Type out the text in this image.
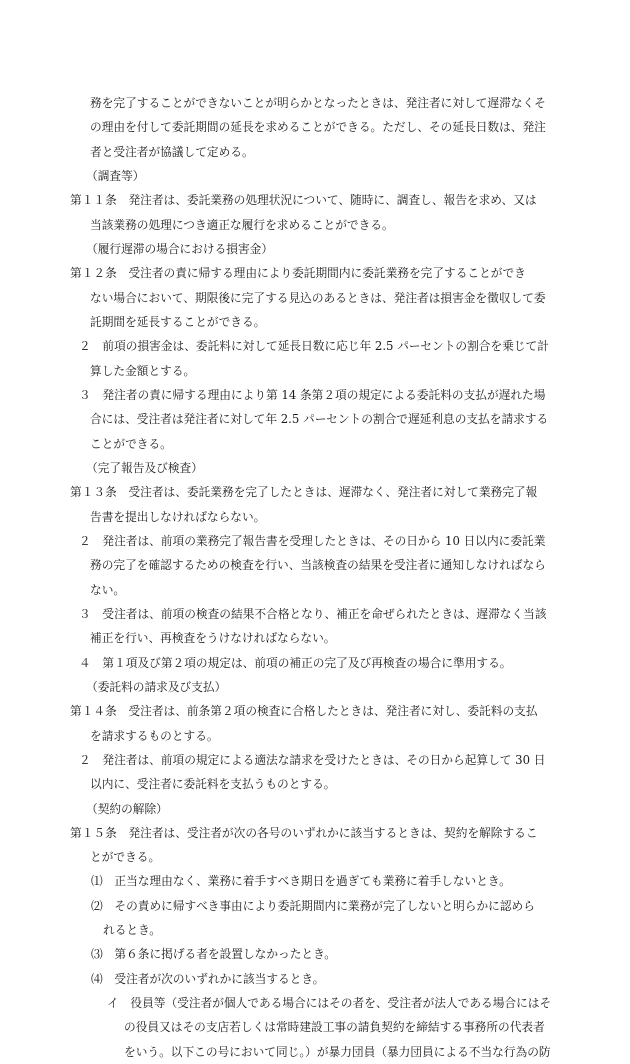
務を完了することができないことが明らかとなったときは、発注者に対して遅滞なくそ
の理由を付して委託期間の延長を求めることができる。ただし、その延長日数は、発注
者と受注者が協議して定める。
（調査等）
第１１条　発注者は、委託業務の処理状況について、随時に、調査し、報告を求め、又は
当該業務の処理につき適正な履行を求めることができる。
（履行遅滞の場合における損害金）
第１２条　受注者の責に帰する理由により委託期間内に委託業務を完了することができ
ない場合において、期限後に完了する見込のあるときは、発注者は損害金を徴収して委
託期間を延長することができる。
２　前項の損害金は、委託料に対して延長日数に応じ年 2.5 パーセントの割合を乗じて計
算した金額とする。
３　発注者の責に帰する理由により第 14 条第２項の規定による委託料の支払が遅れた場
合には、受注者は発注者に対して年 2.5 パーセントの割合で遅延利息の支払を請求する
ことができる。
（完了報告及び検査）
第１３条　受注者は、委託業務を完了したときは、遅滞なく、発注者に対して業務完了報
告書を提出しなければならない。
２　発注者は、前項の業務完了報告書を受理したときは、その日から 10 日以内に委託業
務の完了を確認するための検査を行い、当該検査の結果を受注者に通知しなければなら
ない。
３　受注者は、前項の検査の結果不合格となり、補正を命ぜられたときは、遅滞なく当該
補正を行い、再検査をうけなければならない。
４　第１項及び第２項の規定は、前項の補正の完了及び再検査の場合に準用する。
（委託料の請求及び支払）
第１４条　受注者は、前条第２項の検査に合格したときは、発注者に対し、委託料の支払
を請求するものとする。
２　発注者は、前項の規定による適法な請求を受けたときは、その日から起算して 30 日
以内に、受注者に委託料を支払うものとする。
（契約の解除）
第１５条　発注者は、受注者が次の各号のいずれかに該当するときは、契約を解除するこ
とができる。
⑴　正当な理由なく、業務に着手すべき期日を過ぎても業務に着手しないとき。
⑵　その責めに帰すべき事由により委託期間内に業務が完了しないと明らかに認めら
れるとき。
⑶　第６条に掲げる者を設置しなかったとき。
⑷　受注者が次のいずれかに該当するとき。
イ　役員等（受注者が個人である場合にはその者を、受注者が法人である場合にはそ
の役員又はその支店若しくは常時建設工事の請負契約を締結する事務所の代表者
をいう。以下この号において同じ。）が暴力団員（暴力団員による不当な行為の防
